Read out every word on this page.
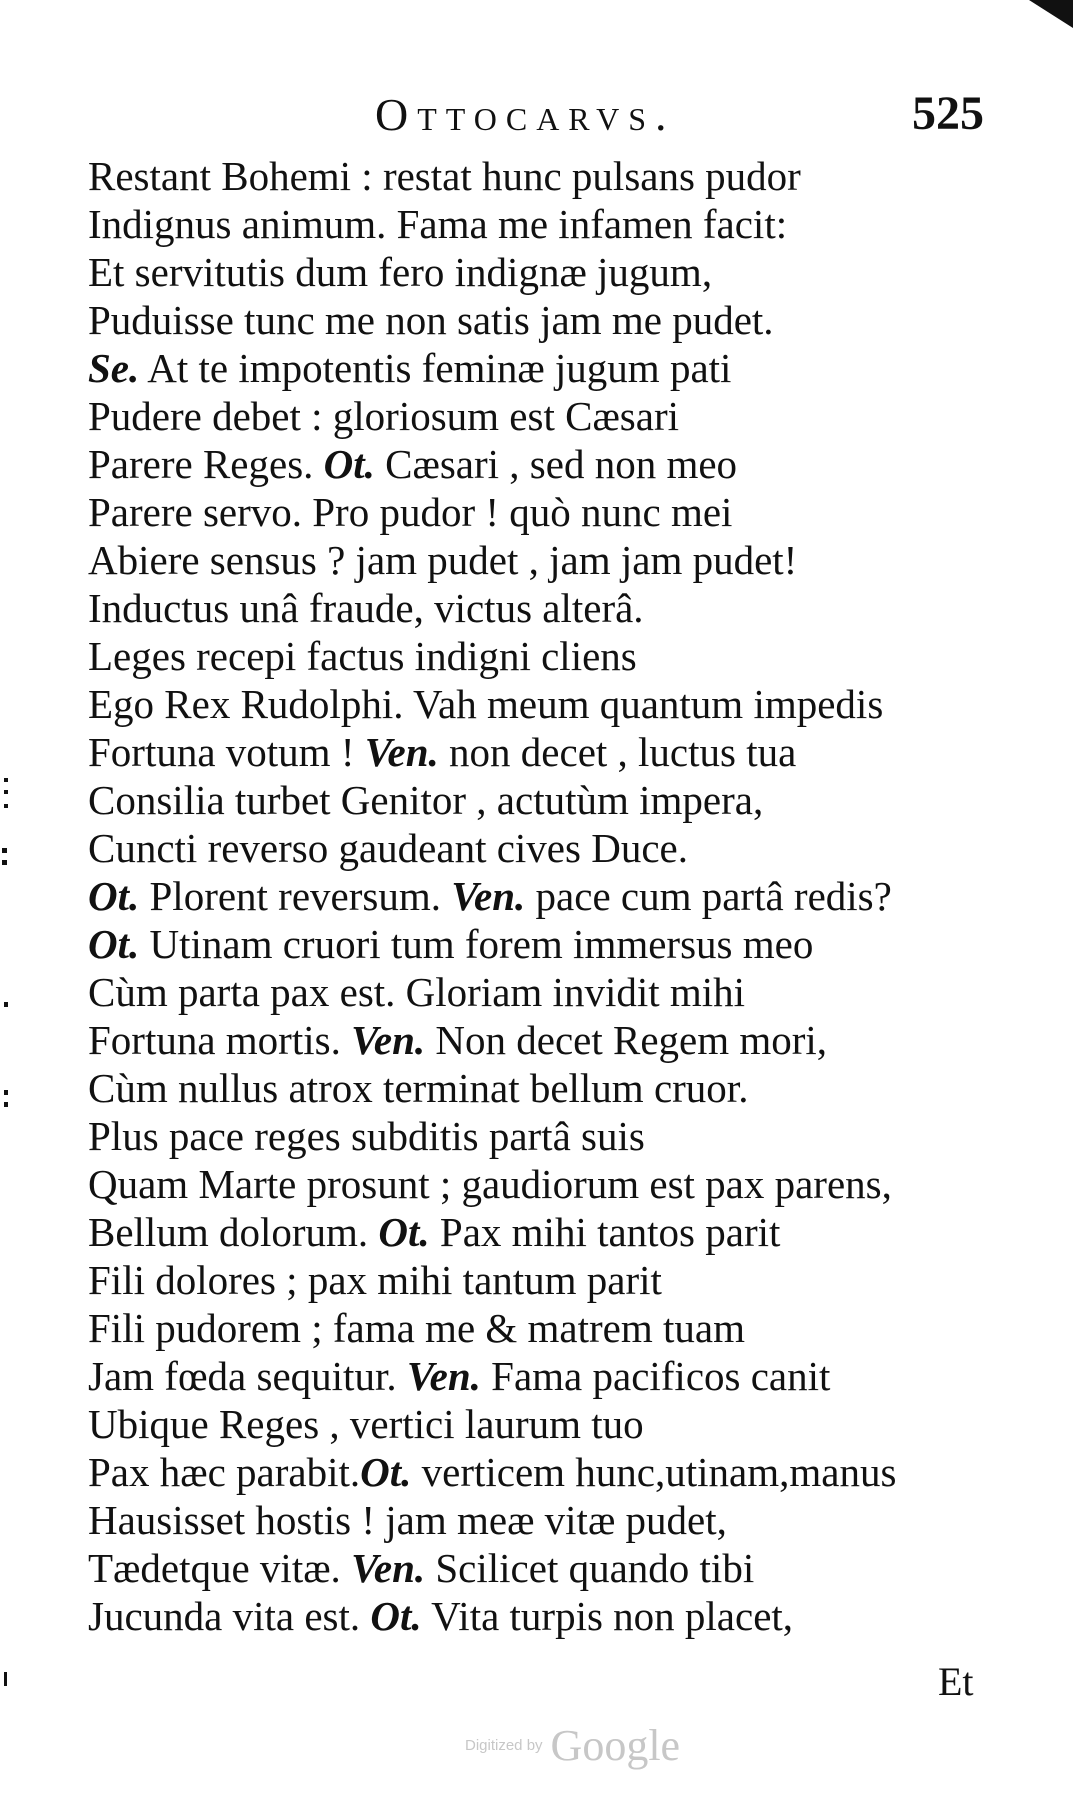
Ottocarvs.	525
Restant Bohemi : restat hunc pulsans pudor
Indignus animum. Fama me infamen facit:
Et servitutis dum fero indignæ jugum,
Puduisse tunc me non satis jam me pudet.
Se. At te impotentis feminæ jugum pati
Pudere debet : gloriosum est Cæsari
Parere Reges. Ot. Cæsari , sed non meo
Parere servo. Pro pudor ! quò nunc mei
Abiere sensus ? jam pudet , jam jam pudet!
Inductus unâ fraude, victus alterâ.
Leges recepi factus indigni cliens
Ego Rex Rudolphi. Vah meum quantum impedis
Fortuna votum ! Ven. non decet , luctus tua
Consilia turbet Genitor , actutùm impera,
Cuncti reverso gaudeant cives Duce.
Ot. Plorent reversum. Ven. pace cum partâ redis?
Ot. Utinam cruori tum forem immersus meo
Cùm parta pax est. Gloriam invidit mihi
Fortuna mortis. Ven. Non decet Regem mori,
Cùm nullus atrox terminat bellum cruor.
Plus pace reges subditis partâ suis
Quam Marte prosunt ; gaudiorum est pax parens,
Bellum dolorum. Ot. Pax mihi tantos parit
Fili dolores ; pax mihi tantum parit
Fili pudorem ; fama me & matrem tuam
Jam fœda sequitur. Ven. Fama pacificos canit
Ubique Reges , vertici laurum tuo
Pax hæc parabit.Ot. verticem hunc,utinam,manus
Hausisset hostis ! jam meæ vitæ pudet,
Tædetque vitæ. Ven. Scilicet quando tibi
Jucunda vita est. Ot. Vita turpis non placet,
Et
Digitized by Google
